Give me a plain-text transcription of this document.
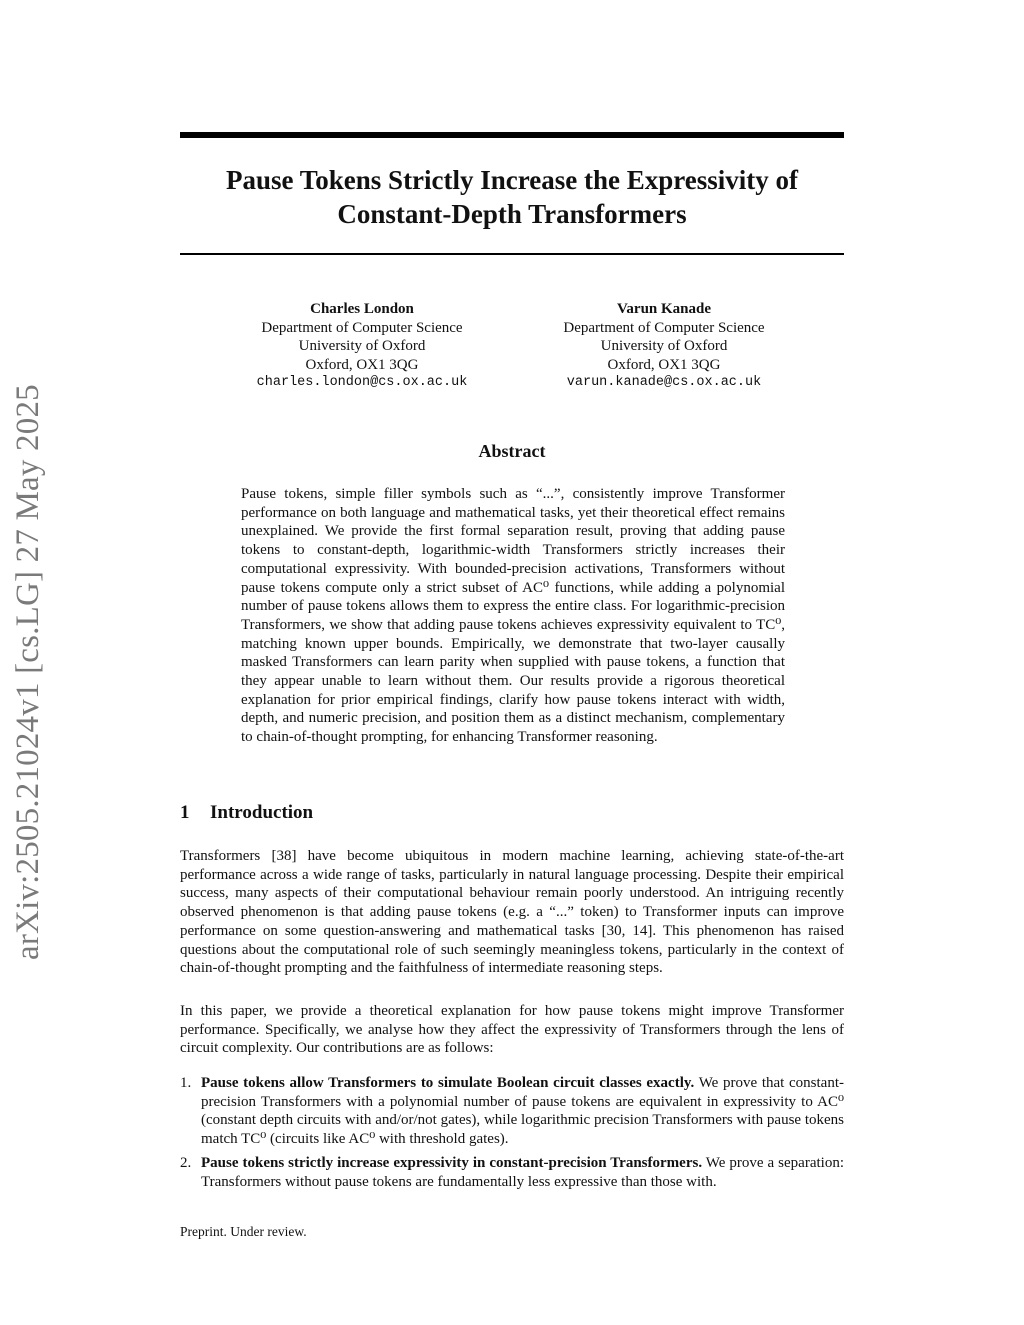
arXiv:2505.21024v1 [cs.LG] 27 May 2025
Pause Tokens Strictly Increase the Expressivity of Constant-Depth Transformers
Charles London
Department of Computer Science
University of Oxford
Oxford, OX1 3QG
charles.london@cs.ox.ac.uk
Varun Kanade
Department of Computer Science
University of Oxford
Oxford, OX1 3QG
varun.kanade@cs.ox.ac.uk
Abstract
Pause tokens, simple filler symbols such as “...”, consistently improve Transformer performance on both language and mathematical tasks, yet their theoretical effect remains unexplained. We provide the first formal separation result, proving that adding pause tokens to constant-depth, logarithmic-width Transformers strictly increases their computational expressivity. With bounded-precision activations, Transformers without pause tokens compute only a strict subset of AC⁰ functions, while adding a polynomial number of pause tokens allows them to express the entire class. For logarithmic-precision Transformers, we show that adding pause tokens achieves expressivity equivalent to TC⁰, matching known upper bounds. Empirically, we demonstrate that two-layer causally masked Transformers can learn parity when supplied with pause tokens, a function that they appear unable to learn without them. Our results provide a rigorous theoretical explanation for prior empirical findings, clarify how pause tokens interact with width, depth, and numeric precision, and position them as a distinct mechanism, complementary to chain-of-thought prompting, for enhancing Transformer reasoning.
1 Introduction
Transformers [38] have become ubiquitous in modern machine learning, achieving state-of-the-art performance across a wide range of tasks, particularly in natural language processing. Despite their empirical success, many aspects of their computational behaviour remain poorly understood. An intriguing recently observed phenomenon is that adding pause tokens (e.g. a “...” token) to Transformer inputs can improve performance on some question-answering and mathematical tasks [30, 14]. This phenomenon has raised questions about the computational role of such seemingly meaningless tokens, particularly in the context of chain-of-thought prompting and the faithfulness of intermediate reasoning steps.
In this paper, we provide a theoretical explanation for how pause tokens might improve Transformer performance. Specifically, we analyse how they affect the expressivity of Transformers through the lens of circuit complexity. Our contributions are as follows:
1. Pause tokens allow Transformers to simulate Boolean circuit classes exactly. We prove that constant-precision Transformers with a polynomial number of pause tokens are equivalent in expressivity to AC⁰ (constant depth circuits with and/or/not gates), while logarithmic precision Transformers with pause tokens match TC⁰ (circuits like AC⁰ with threshold gates).
2. Pause tokens strictly increase expressivity in constant-precision Transformers. We prove a separation: Transformers without pause tokens are fundamentally less expressive than those with.
Preprint. Under review.
